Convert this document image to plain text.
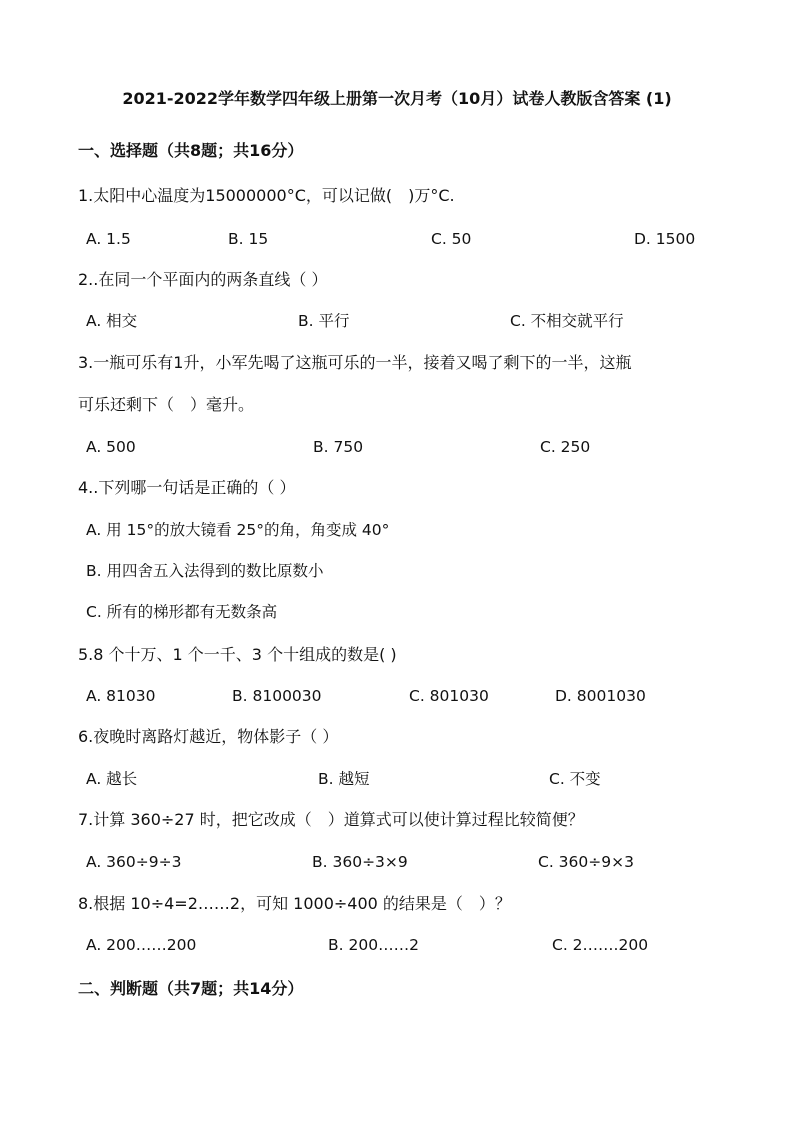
2021-2022学年数学四年级上册第一次月考（10月）试卷人教版含答案 (1)
一、选择题（共8题；共16分）
1.太阳中心温度为15000000°C，可以记做(　)万°C.
A. 1.5	B. 15	C. 50	D. 1500
2..在同一个平面内的两条直线（ ）
A. 相交	B. 平行	C. 不相交就平行
3.一瓶可乐有1升，小军先喝了这瓶可乐的一半，接着又喝了剩下的一半，这瓶
可乐还剩下（　）毫升。
A. 500	B. 750	C. 250
4..下列哪一句话是正确的（ ）
A. 用 15°的放大镜看 25°的角，角变成 40°
B. 用四舍五入法得到的数比原数小
C. 所有的梯形都有无数条高
5.8 个十万、1 个一千、3 个十组成的数是( )
A. 81030	B. 8100030	C. 801030	D. 8001030
6.夜晚时离路灯越近，物体影子（ ）
A. 越长	B. 越短	C. 不变
7.计算 360÷27 时，把它改成（　）道算式可以使计算过程比较简便？
A. 360÷9÷3	B. 360÷3×9	C. 360÷9×3
8.根据 10÷4=2……2，可知 1000÷400 的结果是（　）？
A. 200……200	B. 200……2	C. 2…….200
二、判断题（共7题；共14分）
